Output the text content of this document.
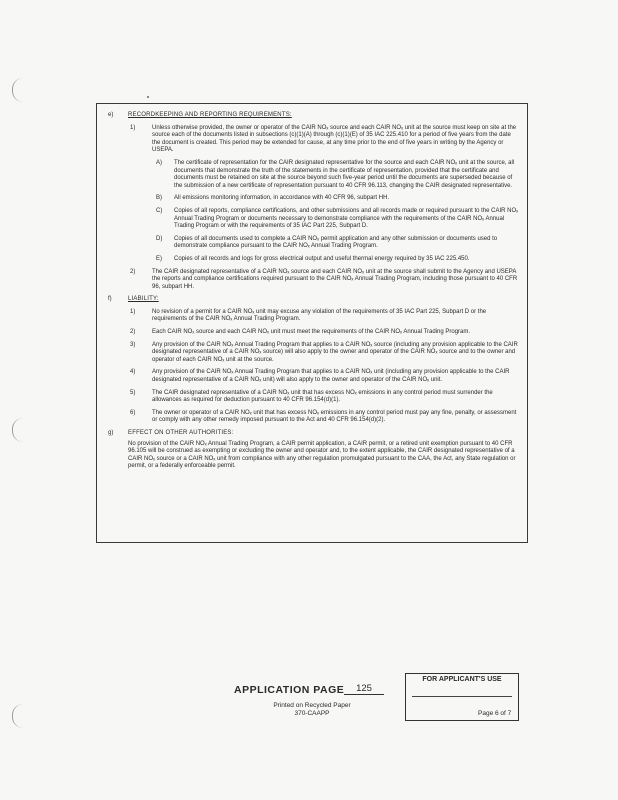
e) RECORDKEEPING AND REPORTING REQUIREMENTS:
1)	Unless otherwise provided, the owner or operator of the CAIR NOₓ source and each CAIR NOₓ unit at the source must keep on site at the source each of the documents listed in subsections (c)(1)(A) through (c)(1)(E) of 35 IAC 225.410 for a period of five years from the date the document is created. This period may be extended for cause, at any time prior to the end of five years in writing by the Agency or USEPA.
A) The certificate of representation for the CAIR designated representative for the source and each CAIR NOₓ unit at the source, all documents that demonstrate the truth of the statements in the certificate of representation, provided that the certificate and documents must be retained on site at the source beyond such five-year period until the documents are superseded because of the submission of a new certificate of representation pursuant to 40 CFR 96.113, changing the CAIR designated representative.
B) All emissions monitoring information, in accordance with 40 CFR 96, subpart HH.
C) Copies of all reports, compliance certifications, and other submissions and all records made or required pursuant to the CAIR NOₓ Annual Trading Program or documents necessary to demonstrate compliance with the requirements of the CAIR NOₓ Annual Trading Program or with the requirements of 35 IAC Part 225, Subpart D.
D) Copies of all documents used to complete a CAIR NOₓ permit application and any other submission or documents used to demonstrate compliance pursuant to the CAIR NOₓ Annual Trading Program.
E) Copies of all records and logs for gross electrical output and useful thermal energy required by 35 IAC 225.450.
2)	The CAIR designated representative of a CAIR NOₓ source and each CAIR NOₓ unit at the source shall submit to the Agency and USEPA the reports and compliance certifications required pursuant to the CAIR NOₓ Annual Trading Program, including those pursuant to 40 CFR 96, subpart HH.
f)	LIABILITY:
1)	No revision of a permit for a CAIR NOₓ unit may excuse any violation of the requirements of 35 IAC Part 225, Subpart D or the requirements of the CAIR NOₓ Annual Trading Program.
2)	Each CAIR NOₓ source and each CAIR NOₓ unit must meet the requirements of the CAIR NOₓ Annual Trading Program.
3)	Any provision of the CAIR NOₓ Annual Trading Program that applies to a CAIR NOₓ source (including any provision applicable to the CAIR designated representative of a CAIR NOₓ source) will also apply to the owner and operator of the CAIR NOₓ source and to the owner and operator of each CAIR NOₓ unit at the source.
4)	Any provision of the CAIR NOₓ Annual Trading Program that applies to a CAIR NOₓ unit (including any provision applicable to the CAIR designated representative of a CAIR NOₓ unit) will also apply to the owner and operator of the CAIR NOₓ unit.
5)	The CAIR designated representative of a CAIR NOₓ unit that has excess NOₓ emissions in any control period must surrender the allowances as required for deduction pursuant to 40 CFR 96.154(d)(1).
6)	The owner or operator of a CAIR NOₓ unit that has excess NOₓ emissions in any control period must pay any fine, penalty, or assessment or comply with any other remedy imposed pursuant to the Act and 40 CFR 96.154(d)(2).
g) EFFECT ON OTHER AUTHORITIES:
No provision of the CAIR NOₓ Annual Trading Program, a CAIR permit application, a CAIR permit, or a retired unit exemption pursuant to 40 CFR 96.105 will be construed as exempting or excluding the owner and operator and, to the extent applicable, the CAIR designated representative of a CAIR NOₓ source or a CAIR NOₓ unit from compliance with any other regulation promulgated pursuant to the CAA, the Act, any State regulation or permit, or a federally enforceable permit.
FOR APPLICANT'S USE
APPLICATION PAGE	125
Printed on Recycled Paper
370-CAAPP	Page 6 of 7
